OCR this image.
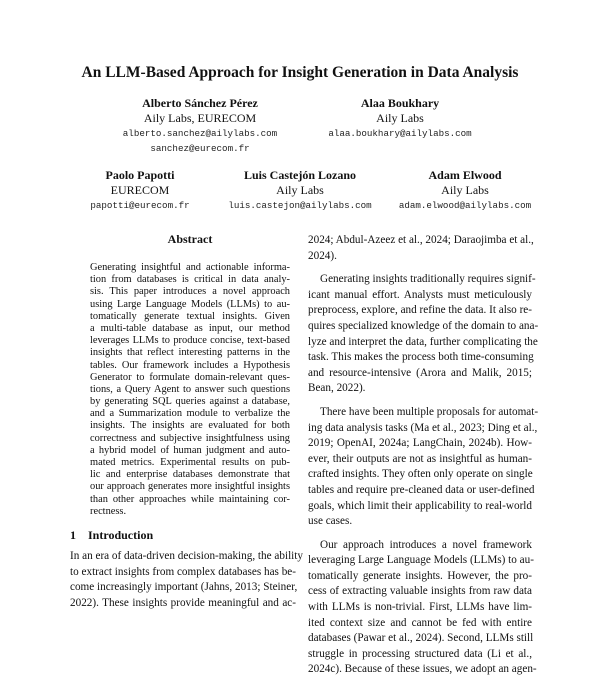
An LLM-Based Approach for Insight Generation in Data Analysis
Alberto Sánchez Pérez
Aily Labs, EURECOM
alberto.sanchez@ailylabs.com
sanchez@eurecom.fr
Alaa Boukhary
Aily Labs
alaa.boukhary@ailylabs.com
Paolo Papotti
EURECOM
papotti@eurecom.fr
Luis Castejón Lozano
Aily Labs
luis.castejon@ailylabs.com
Adam Elwood
Aily Labs
adam.elwood@ailylabs.com
Abstract
Generating insightful and actionable informa-
tion from databases is critical in data analy-
sis. This paper introduces a novel approach
using Large Language Models (LLMs) to au-
tomatically generate textual insights. Given
a multi-table database as input, our method
leverages LLMs to produce concise, text-based
insights that reflect interesting patterns in the
tables. Our framework includes a Hypothesis
Generator to formulate domain-relevant ques-
tions, a Query Agent to answer such questions
by generating SQL queries against a database,
and a Summarization module to verbalize the
insights. The insights are evaluated for both
correctness and subjective insightfulness using
a hybrid model of human judgment and auto-
mated metrics. Experimental results on pub-
lic and enterprise databases demonstrate that
our approach generates more insightful insights
than other approaches while maintaining cor-
rectness.
1 Introduction
In an era of data-driven decision-making, the ability
to extract insights from complex databases has be-
come increasingly important (Jahns, 2013; Steiner,
2022). These insights provide meaningful and ac-
2024; Abdul-Azeez et al., 2024; Daraojimba et al.,
2024).
Generating insights traditionally requires signif-
icant manual effort. Analysts must meticulously
preprocess, explore, and refine the data. It also re-
quires specialized knowledge of the domain to ana-
lyze and interpret the data, further complicating the
task. This makes the process both time-consuming
and resource-intensive (Arora and Malik, 2015;
Bean, 2022).
There have been multiple proposals for automat-
ing data analysis tasks (Ma et al., 2023; Ding et al.,
2019; OpenAI, 2024a; LangChain, 2024b). How-
ever, their outputs are not as insightful as human-
crafted insights. They often only operate on single
tables and require pre-cleaned data or user-defined
goals, which limit their applicability to real-world
use cases.
Our approach introduces a novel framework
leveraging Large Language Models (LLMs) to au-
tomatically generate insights. However, the pro-
cess of extracting valuable insights from raw data
with LLMs is non-trivial. First, LLMs have lim-
ited context size and cannot be fed with entire
databases (Pawar et al., 2024). Second, LLMs still
struggle in processing structured data (Li et al.,
2024c). Because of these issues, we adopt an agen-
